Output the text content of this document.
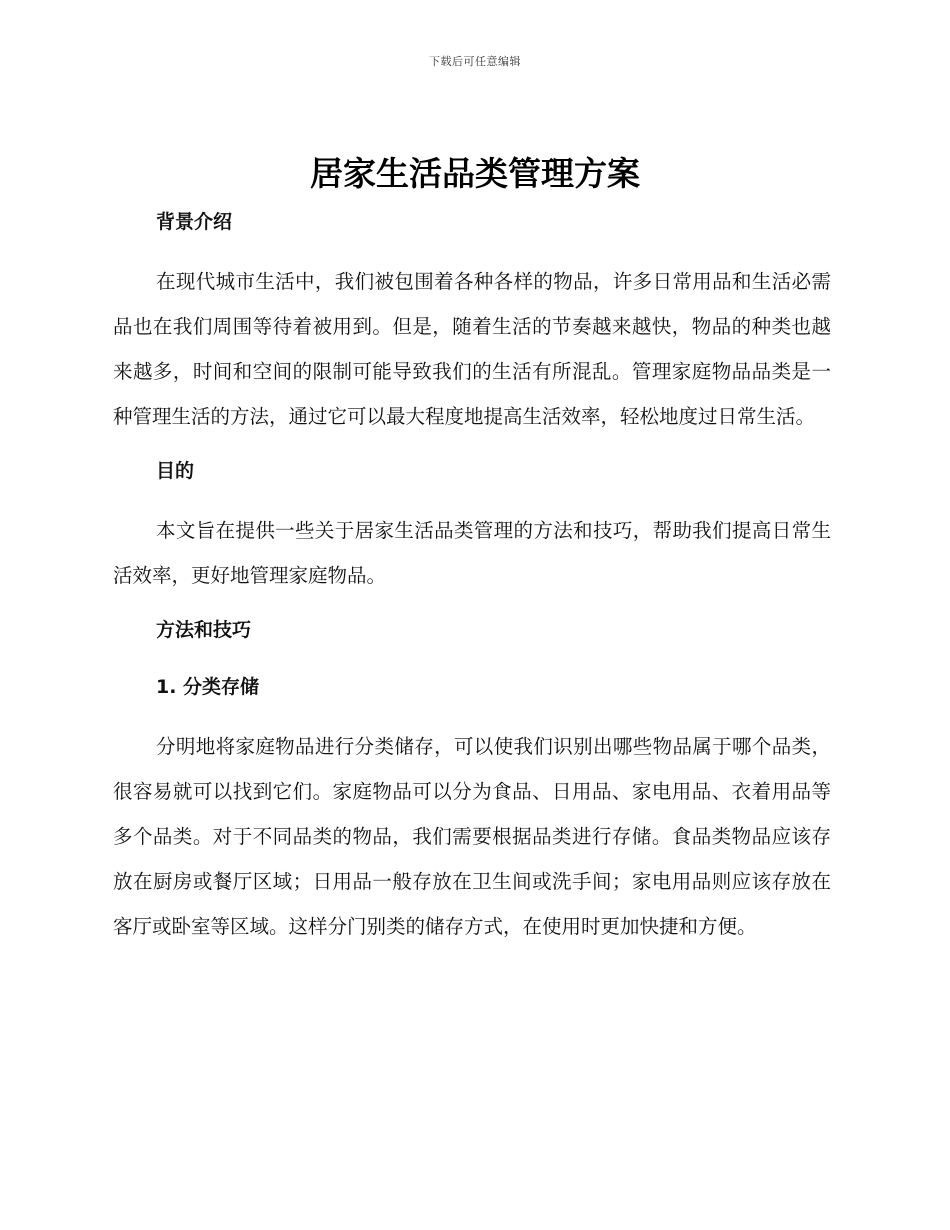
下载后可任意编辑
居家生活品类管理方案
背景介绍

在现代城市生活中，我们被包围着各种各样的物品，许多日常用品和生活必需品也在我们周围等待着被用到。但是，随着生活的节奏越来越快，物品的种类也越来越多，时间和空间的限制可能导致我们的生活有所混乱。管理家庭物品品类是一种管理生活的方法，通过它可以最大程度地提高生活效率，轻松地度过日常生活。

目的

本文旨在提供一些关于居家生活品类管理的方法和技巧，帮助我们提高日常生活效率，更好地管理家庭物品。

方法和技巧
1. 分类存储

分明地将家庭物品进行分类储存，可以使我们识别出哪些物品属于哪个品类，很容易就可以找到它们。家庭物品可以分为食品、日用品、家电用品、衣着用品等多个品类。对于不同品类的物品，我们需要根据品类进行存储。食品类物品应该存放在厨房或餐厅区域；日用品一般存放在卫生间或洗手间；家电用品则应该存放在客厅或卧室等区域。这样分门别类的储存方式，在使用时更加快捷和方便。
